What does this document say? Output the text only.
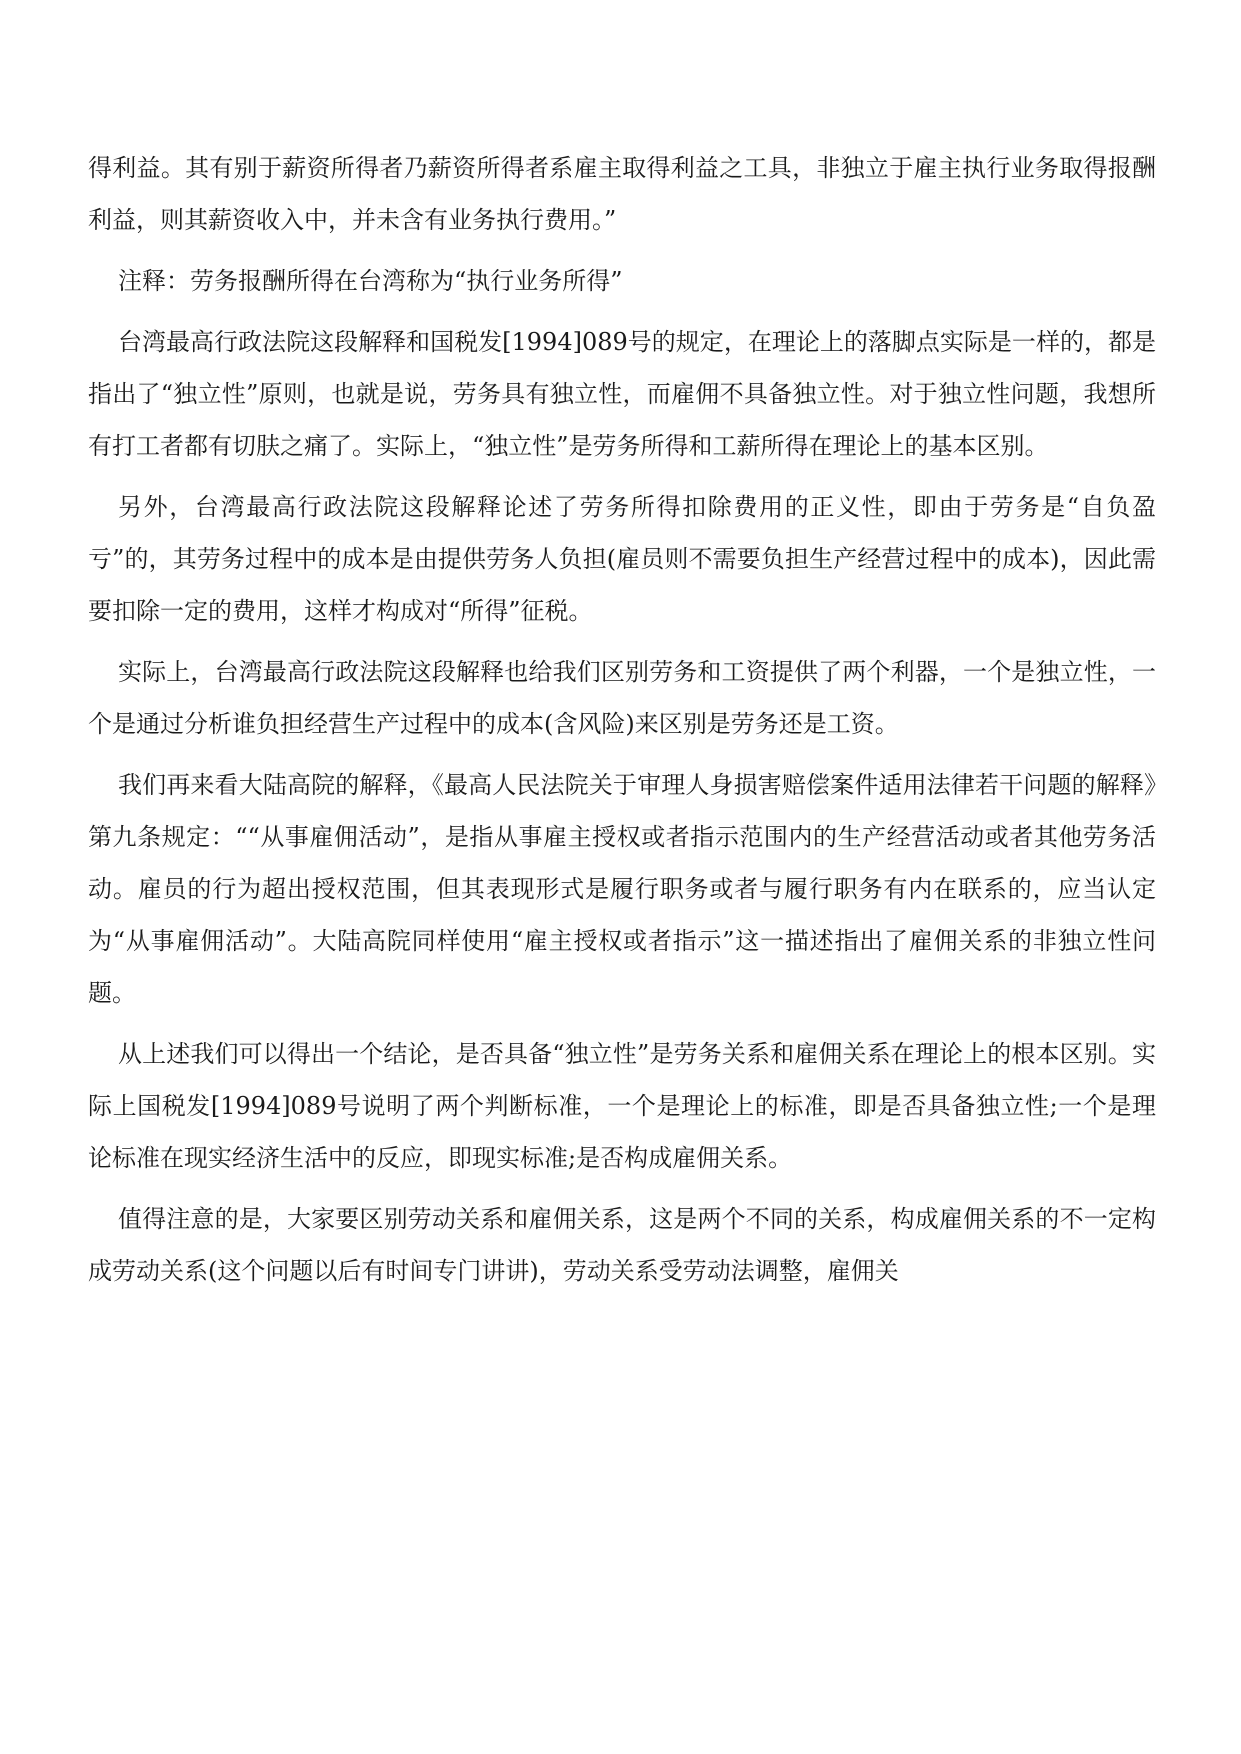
得利益。其有别于薪资所得者乃薪资所得者系雇主取得利益之工具，非独立于雇主执行业务取得报酬利益，则其薪资收入中，并未含有业务执行费用。”

注释：劳务报酬所得在台湾称为“执行业务所得”

台湾最高行政法院这段解释和国税发[1994]089号的规定，在理论上的落脚点实际是一样的，都是指出了“独立性”原则，也就是说，劳务具有独立性，而雇佣不具备独立性。对于独立性问题，我想所有打工者都有切肤之痛了。实际上，“独立性”是劳务所得和工薪所得在理论上的基本区别。

另外，台湾最高行政法院这段解释论述了劳务所得扣除费用的正义性，即由于劳务是“自负盈亏”的，其劳务过程中的成本是由提供劳务人负担(雇员则不需要负担生产经营过程中的成本)，因此需要扣除一定的费用，这样才构成对“所得”征税。

实际上，台湾最高行政法院这段解释也给我们区别劳务和工资提供了两个利器，一个是独立性，一个是通过分析谁负担经营生产过程中的成本(含风险)来区别是劳务还是工资。

我们再来看大陆高院的解释，《最高人民法院关于审理人身损害赔偿案件适用法律若干问题的解释》第九条规定：““从事雇佣活动”，是指从事雇主授权或者指示范围内的生产经营活动或者其他劳务活动。雇员的行为超出授权范围，但其表现形式是履行职务或者与履行职务有内在联系的，应当认定为“从事雇佣活动”。大陆高院同样使用“雇主授权或者指示”这一描述指出了雇佣关系的非独立性问题。

从上述我们可以得出一个结论，是否具备“独立性”是劳务关系和雇佣关系在理论上的根本区别。实际上国税发[1994]089号说明了两个判断标准，一个是理论上的标准，即是否具备独立性;一个是理论标准在现实经济生活中的反应，即现实标准;是否构成雇佣关系。

值得注意的是，大家要区别劳动关系和雇佣关系，这是两个不同的关系，构成雇佣关系的不一定构成劳动关系(这个问题以后有时间专门讲讲)，劳动关系受劳动法调整，雇佣关
